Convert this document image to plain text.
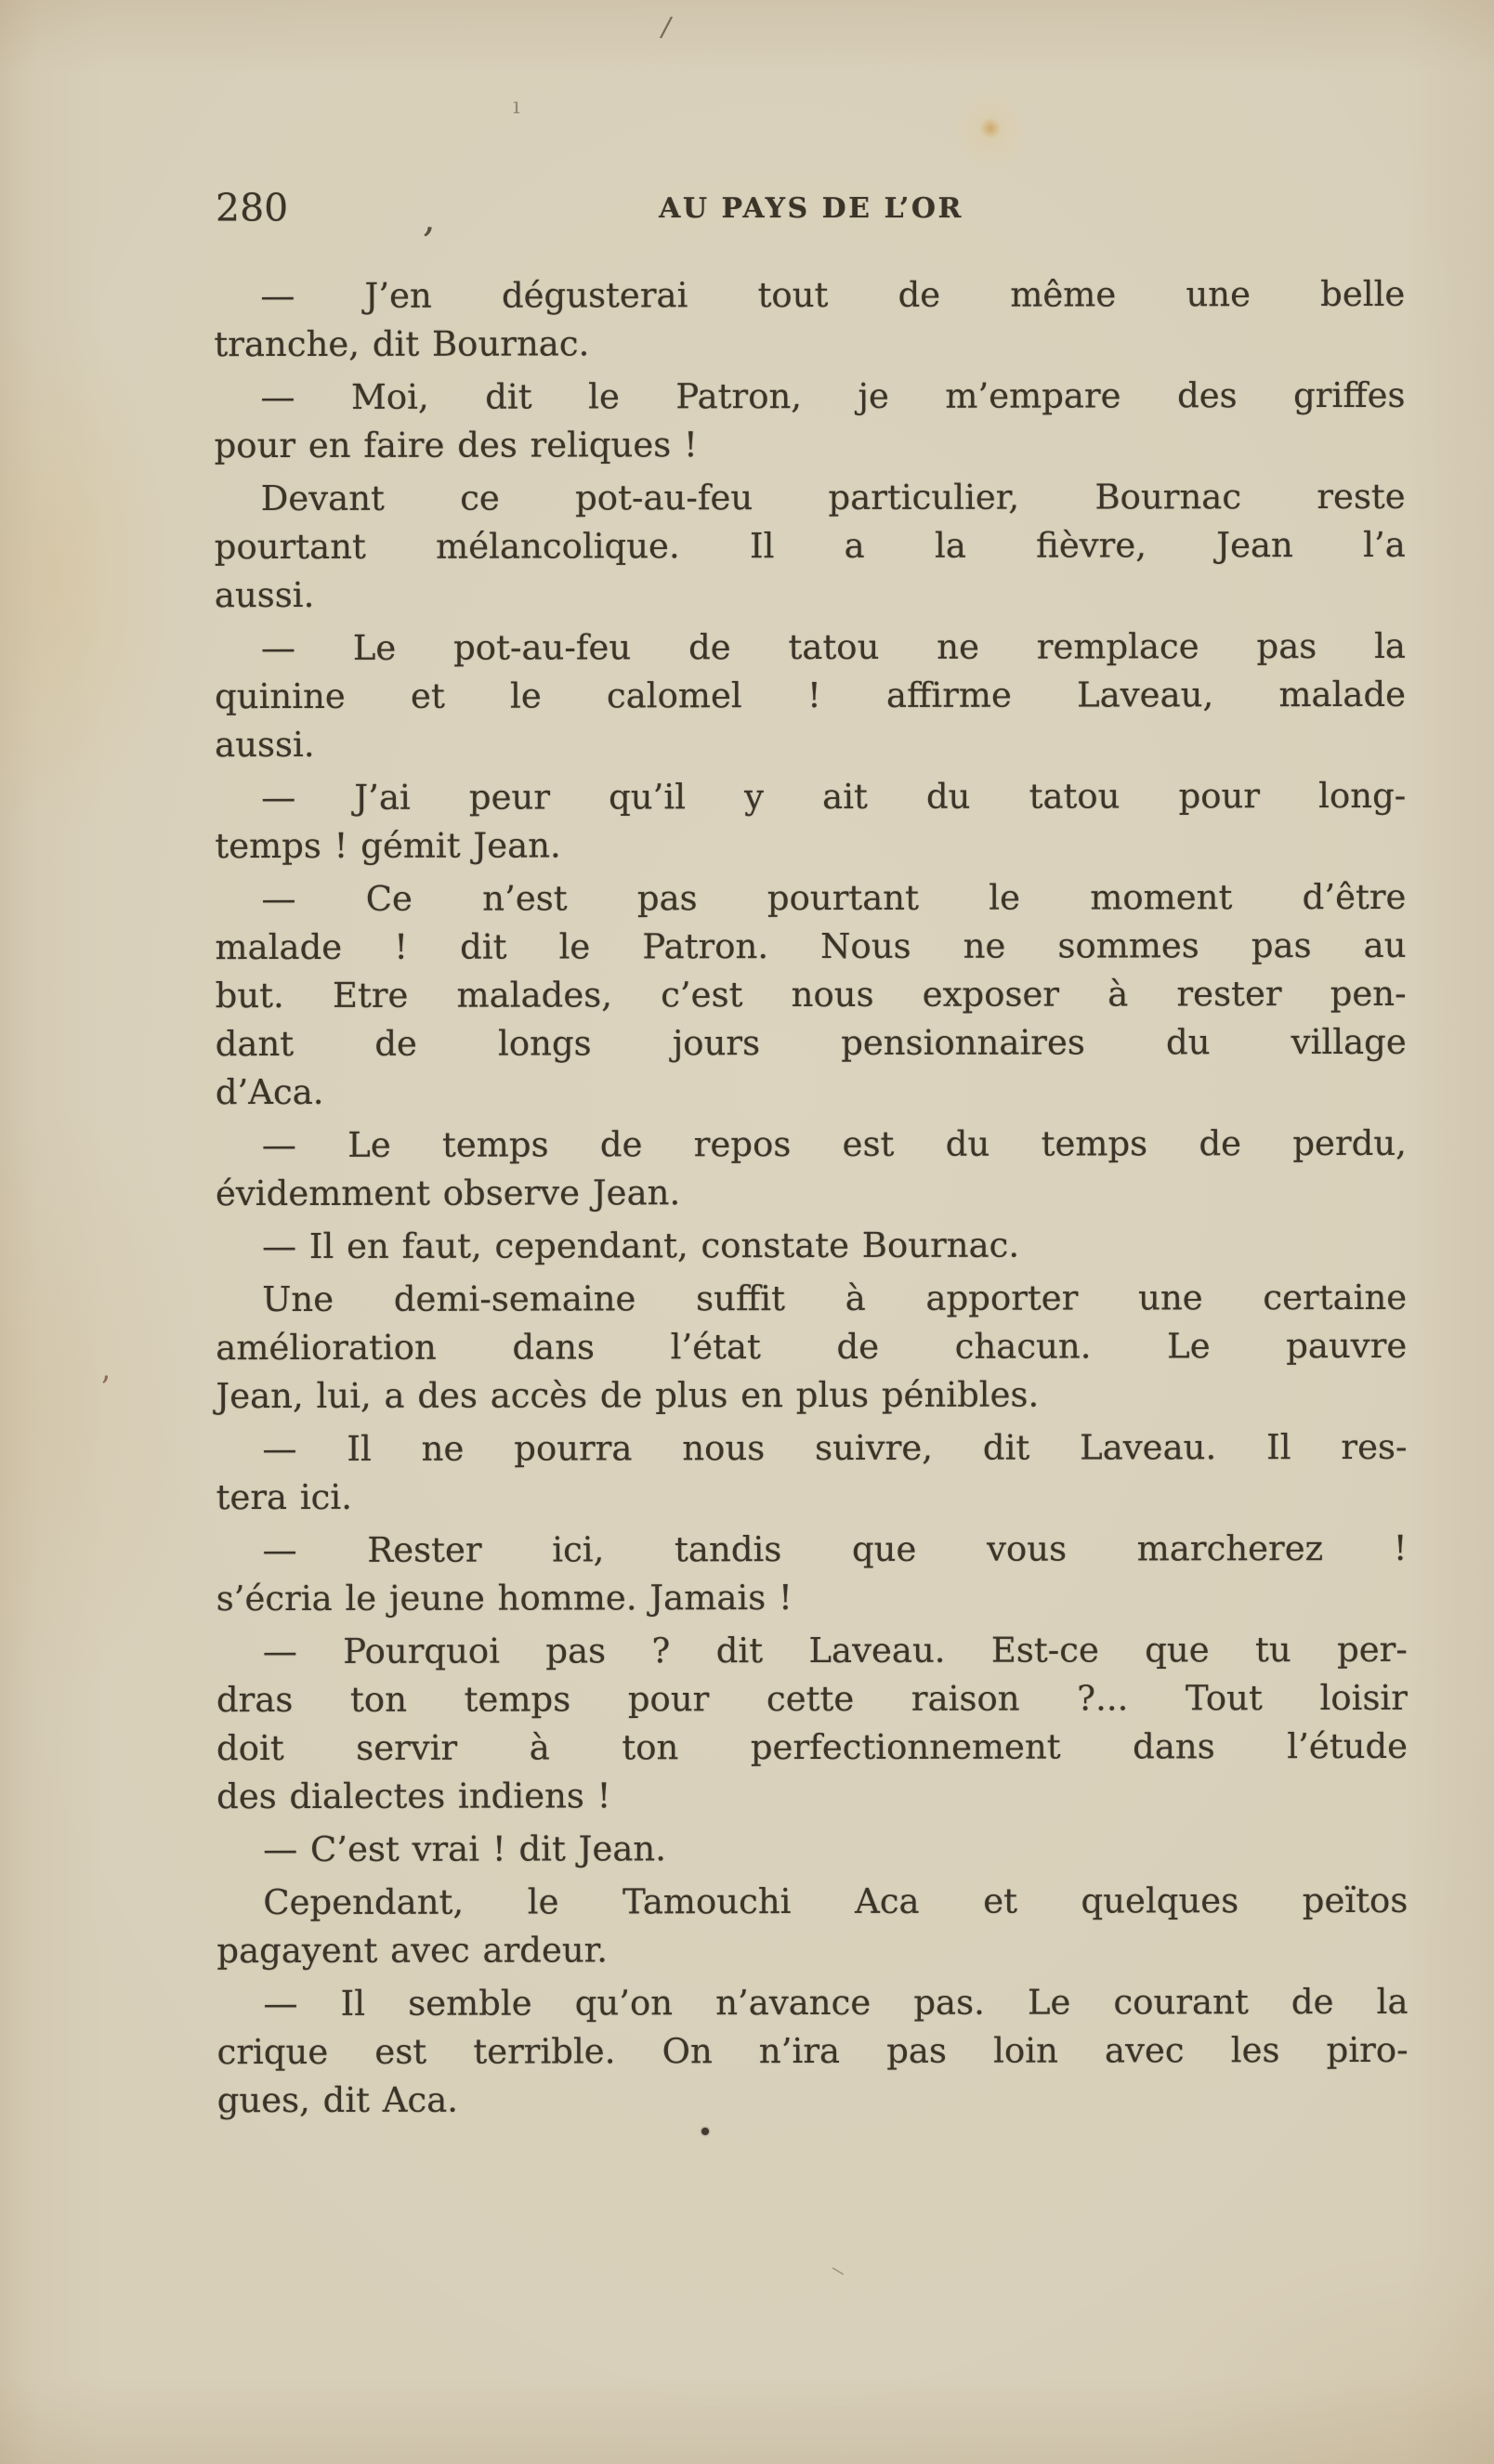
280	AU PAYS DE L’OR
— J’en dégusterai tout de même une belle
tranche, dit Bournac.
— Moi, dit le Patron, je m’empare des griffes
pour en faire des reliques !
Devant ce pot-au-feu particulier, Bournac reste
pourtant mélancolique. Il a la fièvre, Jean l’a
aussi.
— Le pot-au-feu de tatou ne remplace pas la
quinine et le calomel ! affirme Laveau, malade
aussi.
— J’ai peur qu’il y ait du tatou pour long-
temps ! gémit Jean.
— Ce n’est pas pourtant le moment d’être
malade ! dit le Patron. Nous ne sommes pas au
but. Etre malades, c’est nous exposer à rester pen-
dant de longs jours pensionnaires du village
d’Aca.
— Le temps de repos est du temps de perdu,
évidemment observe Jean.
— Il en faut, cependant, constate Bournac.
Une demi-semaine suffit à apporter une certaine
amélioration dans l’état de chacun. Le pauvre
Jean, lui, a des accès de plus en plus pénibles.
— Il ne pourra nous suivre, dit Laveau. Il res-
tera ici.
— Rester ici, tandis que vous marcherez !
s’écria le jeune homme. Jamais !
— Pourquoi pas ? dit Laveau. Est-ce que tu per-
dras ton temps pour cette raison ?... Tout loisir
doit servir à ton perfectionnement dans l’étude
des dialectes indiens !
— C’est vrai ! dit Jean.
Cependant, le Tamouchi Aca et quelques peïtos
pagayent avec ardeur.
— Il semble qu’on n’avance pas. Le courant de la
crique est terrible. On n’ira pas loin avec les piro-
gues, dit Aca.
/
ı
’
’
⸌
